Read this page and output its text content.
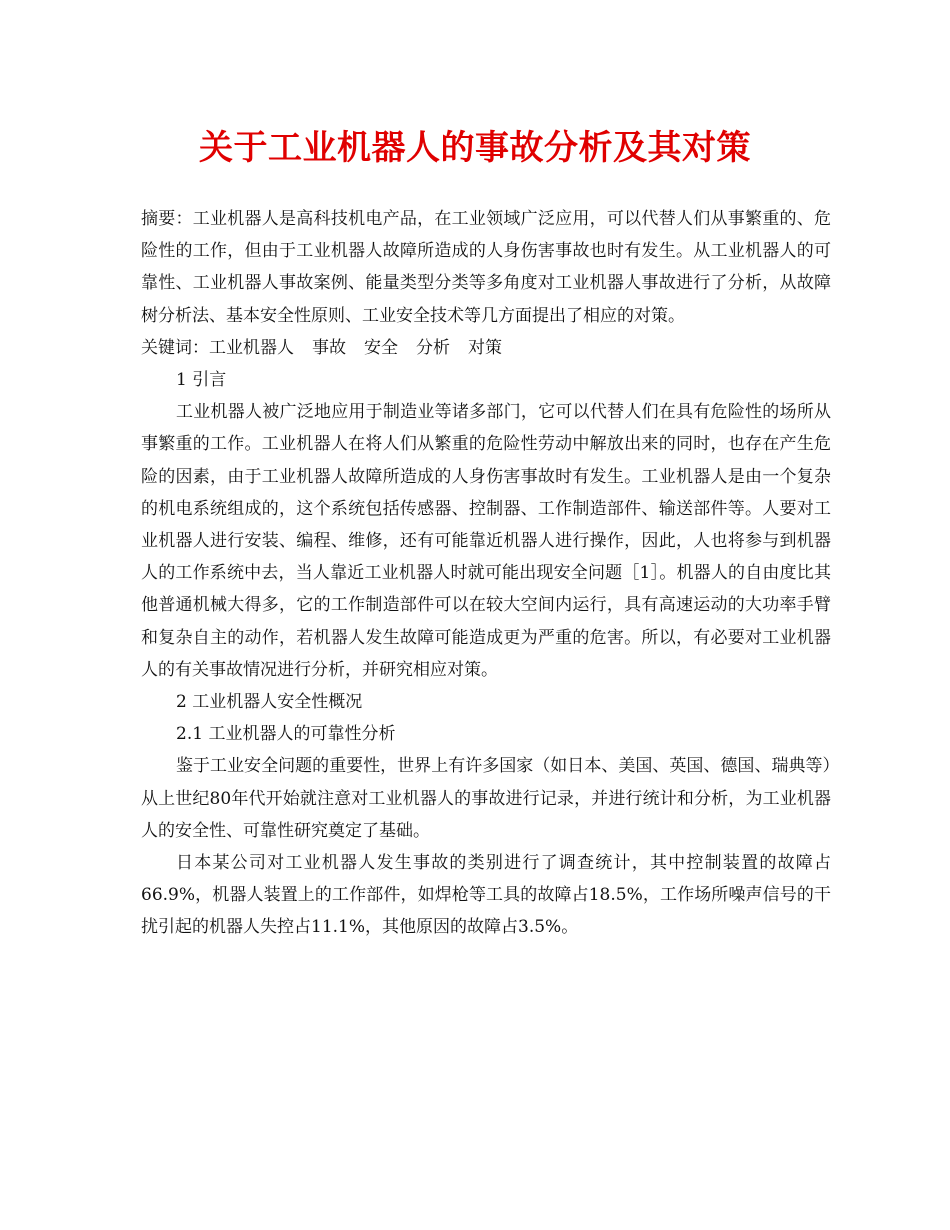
关于工业机器人的事故分析及其对策

摘要：工业机器人是高科技机电产品，在工业领域广泛应用，可以代替人们从事繁重的、危险性的工作，但由于工业机器人故障所造成的人身伤害事故也时有发生。从工业机器人的可靠性、工业机器人事故案例、能量类型分类等多角度对工业机器人事故进行了分析，从故障树分析法、基本安全性原则、工业安全技术等几方面提出了相应的对策。

关键词：工业机器人 事故 安全 分析 对策

1 引言

工业机器人被广泛地应用于制造业等诸多部门，它可以代替人们在具有危险性的场所从事繁重的工作。工业机器人在将人们从繁重的危险性劳动中解放出来的同时，也存在产生危险的因素，由于工业机器人故障所造成的人身伤害事故时有发生。工业机器人是由一个复杂的机电系统组成的，这个系统包括传感器、控制器、工作制造部件、输送部件等。人要对工业机器人进行安装、编程、维修，还有可能靠近机器人进行操作，因此，人也将参与到机器人的工作系统中去，当人靠近工业机器人时就可能出现安全问题［1］。机器人的自由度比其他普通机械大得多，它的工作制造部件可以在较大空间内运行，具有高速运动的大功率手臂和复杂自主的动作，若机器人发生故障可能造成更为严重的危害。所以，有必要对工业机器人的有关事故情况进行分析，并研究相应对策。

2 工业机器人安全性概况

2.1 工业机器人的可靠性分析

鉴于工业安全问题的重要性，世界上有许多国家（如日本、美国、英国、德国、瑞典等）从上世纪80年代开始就注意对工业机器人的事故进行记录，并进行统计和分析，为工业机器人的安全性、可靠性研究奠定了基础。

日本某公司对工业机器人发生事故的类别进行了调查统计，其中控制装置的故障占66.9%，机器人装置上的工作部件，如焊枪等工具的故障占18.5%，工作场所噪声信号的干扰引起的机器人失控占11.1%，其他原因的故障占3.5%。
